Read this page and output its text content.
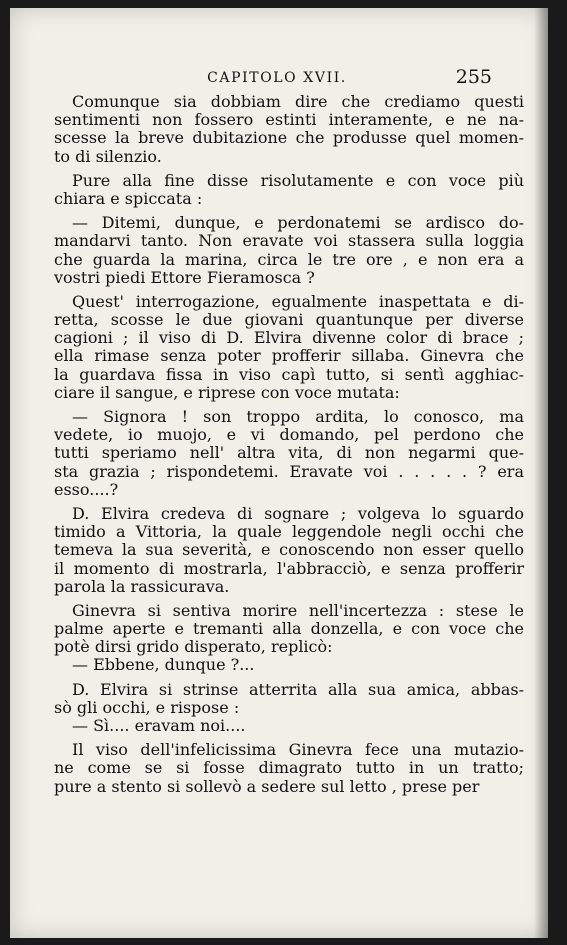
CAPITOLO XVII.	255
Comunque sia dobbiam dire che crediamo questi
sentimenti non fossero estinti interamente, e ne na-
scesse la breve dubitazione che produsse quel momen-
to di silenzio.
Pure alla fine disse risolutamente e con voce più
chiara e spiccata :
— Ditemi, dunque, e perdonatemi se ardisco do-
mandarvi tanto. Non eravate voi stassera sulla loggia
che guarda la marina, circa le tre ore , e non era a
vostri piedi Ettore Fieramosca ?
Quest' interrogazione, egualmente inaspettata e di-
retta, scosse le due giovani quantunque per diverse
cagioni ; il viso di D. Elvira divenne color di brace ;
ella rimase senza poter profferir sillaba. Ginevra che
la guardava fissa in viso capì tutto, si sentì agghiac-
ciare il sangue, e riprese con voce mutata:
— Signora ! son troppo ardita, lo conosco, ma
vedete, io muojo, e vi domando, pel perdono che
tutti speriamo nell' altra vita, di non negarmi que-
sta grazia ; rispondetemi. Eravate voi . . . . . ? era
esso....?
D. Elvira credeva di sognare ; volgeva lo sguardo
timido a Vittoria, la quale leggendole negli occhi che
temeva la sua severità, e conoscendo non esser quello
il momento di mostrarla, l'abbracciò, e senza profferir
parola la rassicurava.
Ginevra si sentiva morire nell'incertezza : stese le
palme aperte e tremanti alla donzella, e con voce che
potè dirsi grido disperato, replicò:
— Ebbene, dunque ?...
D. Elvira si strinse atterrita alla sua amica, abbas-
sò gli occhi, e rispose :
— Sì.... eravam noi....
Il viso dell'infelicissima Ginevra fece una mutazio-
ne come se si fosse dimagrato tutto in un tratto;
pure a stento si sollevò a sedere sul letto , prese per
